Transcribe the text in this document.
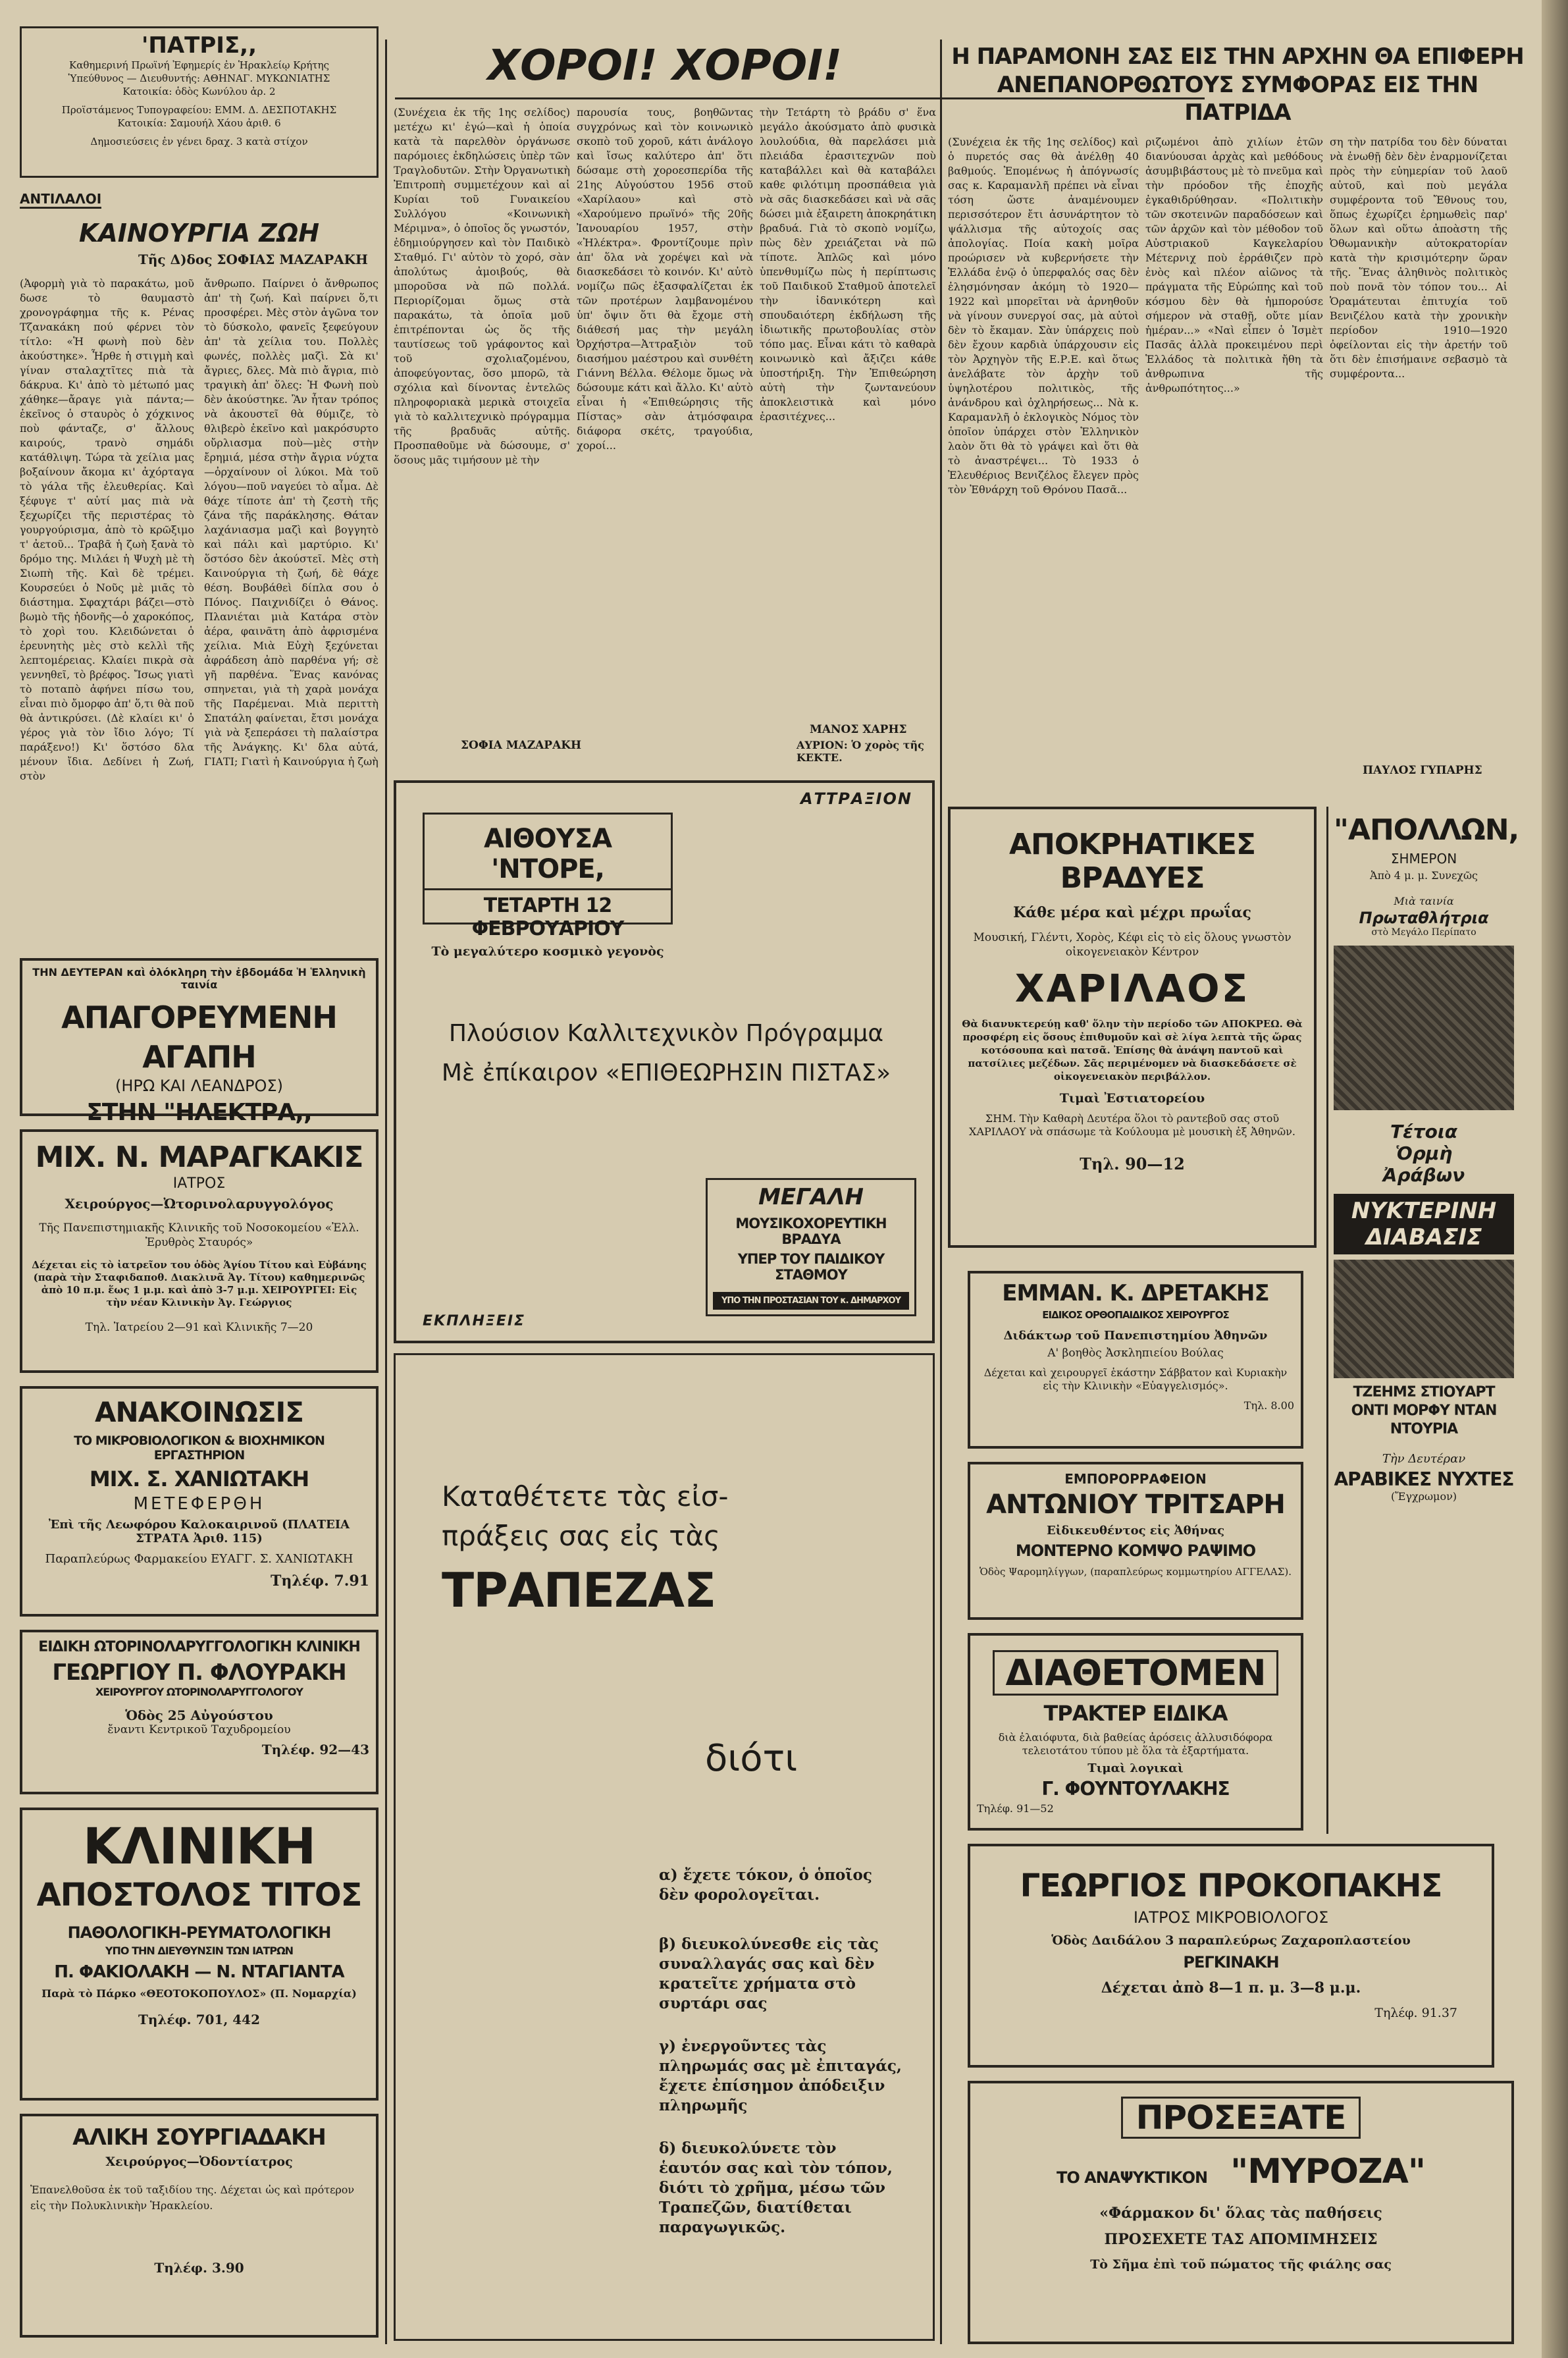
'ΠΑΤΡΙΣ,,
Καθημερινή Πρωϊνή Ἐφημερίς ἐν Ἡρακλείῳ Κρήτης
Ὑπεύθυνος — Διευθυντής: ΑΘΗΝΑΓ. ΜΥΚΩΝΙΑΤΗΣ
Κατοικία: ὁδὸς Κωνύλου ἀρ. 2
Προϊστάμενος Τυπογραφείου: ΕΜΜ. Δ. ΔΕΣΠΟΤΑΚΗΣ
Κατοικία: Σαμουήλ Χάου ἀριθ. 6
Δημοσιεύσεις ἐν γένει δραχ. 3 κατὰ στίχον
ΑΝΤΙΛΑΛΟΙ
ΚΑΙΝΟΥΡΓΙΑ ΖΩΗ
Τῆς Δ)δος ΣΟΦΙΑΣ ΜΑΖΑΡΑΚΗ
(Ἀφορμὴ γιὰ τὸ παρακάτω, μοῦ δωσε τὸ θαυμαστὸ χρονογράφημα τῆς κ. Ρένας Τζανακάκη πού φέρνει τὸν τίτλο: «Ἡ φωνὴ ποὺ δὲν ἀκούστηκε». Ἦρθε ἡ στιγμὴ καὶ γίναν σταλαχτῖτες πιὰ τὰ δάκρυα. Κι' ἀπὸ τὸ μέτωπό μας χάθηκε—ἄραγε γιὰ πάντα;—ἐκεῖνος ὁ σταυρὸς ὁ χόχκινος ποὺ φάνταζε, σ' ἄλλους καιρούς, τρανὸ σημάδι κατάθλιψη. Τώρα τὰ χείλια μας βοξαίνουν ἄκομα κι' ἀχόρταγα τὸ γάλα τῆς ἐλευθερίας. Καὶ ξέφυγε τ' αὐτί μας πιὰ νὰ ξεχωρίζει τῆς περιστέρας τὸ γουργούρισμα, ἀπὸ τὸ κρῶξιμο τ' ἀετοῦ... Τραβᾶ ἡ ζωὴ ξανὰ τὸ δρόμο της. Μιλάει ἡ Ψυχὴ μὲ τὴ Σιωπὴ τῆς. Καὶ δὲ τρέμει. Κουρσεύει ὁ Νοῦς μὲ μιᾶς τὸ διάστημα. Σφαχτάρι βάζει—στὸ βωμὸ τῆς ἡδονῆς—ὁ χαροκόπος, τὸ χορὶ του. Κλειδώνεται ὁ ἐρευνητὴς μὲς στὸ κελλὶ τῆς λεπτομέρειας. Κλαίει πικρὰ σὰ γεννηθεῖ, τὸ βρέφος. Ἴσως γιατὶ τὸ ποταπὸ ἀφήνει πίσω του, εἶναι πιὸ ὄμορφο ἀπ' ὅ,τι θὰ ποῦ θὰ ἀντικρύσει. (Δὲ κλαίει κι' ὁ γέρος γιὰ τὸν ἴδιο λόγο; Τί παράξενο!) Κι' ὅστόσο δλα μένουν ἴδια. Δεδίνει ἡ Ζωή, στὸν
ἄνθρωπο. Παίρνει ὁ ἄνθρωπος ἀπ' τὴ ζωή. Καὶ παίρνει ὅ,τι προσφέρει. Μὲς στὸν ἀγῶνα τον τὸ δύσκολο, φανεῖς ξεφεύγουν ἀπ' τὰ χείλια του. Πολλὲς φωνές, πολλὲς μαζὶ. Σὰ κι' ἄγριες, δλες. Μὰ πιὸ ἄγρια, πιὸ τραγικὴ ἀπ' ὅλες: Ἡ Φωνὴ ποὺ δὲν ἀκούστηκε. Ἂν ἦταν τρόπος νὰ ἀκουστεῖ θὰ θύμιζε, τὸ θλιβερὸ ἐκεῖνο καὶ μακρόσυρτο οὔρλιασμα ποὺ—μὲς στὴν ἔρημιά, μέσα στὴν ἄγρια νύχτα—ὀρχαίνουν οἱ λύκοι. Μὰ τοῦ λόγου—ποῦ ναγεύει τὸ αἷμα. Δὲ θάχε τίποτε ἀπ' τὴ ζεστὴ τῆς ζάνα τῆς παράκλησης. Θάταν λαχάνιασμα μαζὶ καὶ βογγητὸ καὶ πάλι καὶ μαρτύριο. Κι' ὅστόσο δὲν ἀκούστεῖ. Μὲς στὴ Καινούργια τὴ ζωή, δὲ θάχε θέση. Βουβάθεὶ δίπλα σου ὁ Πόνος. Παιχνιδίζει ὁ Θάνος. Πλανιέται μιὰ Κατάρα στὸν ἀέρα, φαινᾶτη ἀπὸ ἀφρισμένα χείλια. Μιὰ Εὐχὴ ξεχύνεται ἀφράδεση ἀπὸ παρθένα γή; σὲ γῆ παρθένα. Ἕνας κανόνας σπηνεται, γιὰ τὴ χαρὰ μονάχα τῆς Παρέμεναι. Μιὰ περιττὴ Σπατάλη φαίνεται, ἔτσι μονάχα γιὰ νὰ ξεπεράσει τὴ παλαίστρα τῆς Ἀνάγκης. Κι' δλα αὐτά, ΓΙΑΤΙ; Γιατὶ ἡ Καινούργια ἡ ζωὴ
ΤΗΝ ΔΕΥΤΕΡΑΝ καὶ ὁλόκληρη τὴν ἑβδομάδα Ἡ Ἑλληνικὴ ταινία
ΑΠΑΓΟΡΕΥΜΕΝΗ ΑΓΑΠΗ
(ΗΡΩ ΚΑΙ ΛΕΑΝΔΡΟΣ)
ΣΤΗΝ "ΗΛΕΚΤΡΑ,,
ΜΙΧ. Ν. ΜΑΡΑΓΚΑΚΙΣ
ΙΑΤΡΟΣ
Χειρούργος—Ὠτορινολαρυγγολόγος
Τῆς Πανεπιστημιακῆς Κλινικῆς τοῦ Νοσοκομείου «Ἐλλ. Ἐρυθρὸς Σταυρός»
Δέχεται εἰς τὸ ἰατρεῖον του ὁδὸς Ἁγίου Τίτου καὶ Εὐβάνης (παρὰ τὴν Σταφιδαποθ. Διακλινᾶ Ἀγ. Τίτου) καθημερινῶς ἀπὸ 10 π.μ. ἕως 1 μ.μ. καὶ ἀπὸ 3-7 μ.μ. ΧΕΙΡΟΥΡΓΕΙ: Εἰς τὴν νέαν Κλινικὴν Ἀγ. Γεώργιος
Τηλ. Ἰατρείου 2—91 καὶ Κλινικῆς 7—20
ΑΝΑΚΟΙΝΩΣΙΣ
ΤΟ ΜΙΚΡΟΒΙΟΛΟΓΙΚΟΝ & ΒΙΟΧΗΜΙΚΟΝ ΕΡΓΑΣΤΗΡΙΟΝ
ΜΙΧ. Σ. ΧΑΝΙΩΤΑΚΗ
ΜΕΤΕΦΕΡΘΗ
Ἐπὶ τῆς Λεωφόρου Καλοκαιρινοῦ (ΠΛΑΤΕΙΑ ΣΤΡΑΤΑ Ἀριθ. 115)
Παραπλεύρως Φαρμακείου ΕΥΑΓΓ. Σ. ΧΑΝΙΩΤΑΚΗ
Τηλέφ. 7.91
ΕΙΔΙΚΗ ΩΤΟΡΙΝΟΛΑΡΥΓΓΟΛΟΓΙΚΗ ΚΛΙΝΙΚΗ
ΓΕΩΡΓΙΟΥ Π. ΦΛΟΥΡΑΚΗ
ΧΕΙΡΟΥΡΓΟΥ ΩΤΟΡΙΝΟΛΑΡΥΓΓΟΛΟΓΟΥ
Ὁδὸς 25 Αὐγούστου
ἔναντι Κεντρικοῦ Ταχυδρομείου
Τηλέφ. 92—43
ΚΛΙΝΙΚΗ
ΑΠΟΣΤΟΛΟΣ ΤΙΤΟΣ
ΠΑΘΟΛΟΓΙΚΗ-ΡΕΥΜΑΤΟΛΟΓΙΚΗ
ΥΠΟ ΤΗΝ ΔΙΕΥΘΥΝΣΙΝ ΤΩΝ ΙΑΤΡΩΝ
Π. ΦΑΚΙΟΛΑΚΗ — Ν. ΝΤΑΓΙΑΝΤΑ
Παρὰ τὸ Πάρκο «ΘΕΟΤΟΚΟΠΟΥΛΟΣ» (Π. Νομαρχία)
Τηλέφ. 701, 442
ΑΛΙΚΗ ΣΟΥΡΓΙΑΔΑΚΗ
Χειρούργος—Ὀδοντίατρος
Ἐπανελθοῦσα ἐκ τοῦ ταξιδίου της. Δέχεται ὡς καὶ πρότερον εἰς τὴν Πολυκλινικὴν Ἡρακλείου.
Τηλέφ. 3.90
ΧΟΡΟΙ! ΧΟΡΟΙ!
(Συνέχεια ἐκ τῆς 1ης σελίδος) μετέχω κι' ἐγώ—καὶ ἡ ὁποία κατὰ τὰ παρελθὸν ὀργάνωσε παρόμοιες ἐκδηλώσεις ὑπὲρ τῶν Τραγλοδυτῶν. Στὴν Ὀργανωτικὴ Ἐπιτροπὴ συμμετέχουν καὶ αἱ Κυρίαι τοῦ Γυναικείου Συλλόγου «Κοινωνικὴ Μέριμνα», ὁ ὁποῖος ὅς γνωστόν, ἐδημιούργησεν καὶ τὸν Παιδικὸ Σταθμό. Γι' αὐτὸν τὸ χορό, σὰν ἀπολύτως ἀμοιβούς, θὰ μποροῦσα νὰ πῶ πολλά. Περιορίζομαι ὅμως στὰ παρακάτω, τὰ ὁποῖα μοῦ ἐπιτρέπονται ὡς ὅς τῆς ταυτίσεως τοῦ γράφοντος καὶ τοῦ σχολιαζομένου, ἀποφεύγοντας, ὅσο μπορῶ, τὰ σχόλια καὶ δίνοντας ἐντελῶς πληροφοριακὰ μερικὰ στοιχεῖα γιὰ τὸ καλλιτεχνικὸ πρόγραμμα τῆς βραδυᾶς αὐτῆς. Προσπαθοῦμε νὰ δώσουμε, σ' ὅσους μᾶς τιμήσουν μὲ τὴν
παρουσία τους, βοηθῶντας συγχρόνως καὶ τὸν κοινωνικὸ σκοπὸ τοῦ χοροῦ, κάτι ἀνάλογο καὶ ἴσως καλύτερο ἀπ' ὅτι δώσαμε στὴ χοροεσπερίδα τῆς 21ης Αὐγούστου 1956 στοῦ «Χαρίλαου» καὶ στὸ «Χαρούμενο πρωϊνό» τῆς 20ῆς Ἰανουαρίου 1957, στὴν «Ἠλέκτρα». Φροντίζουμε πρὶν ἀπ' ὅλα νὰ χορέψει καὶ νὰ διασκεδάσει τὸ κοινόν. Κι' αὐτὸ νομίζω πῶς ἐξασφαλίζεται ἐκ τῶν προτέρων λαμβανομένου ὑπ' ὄψιν ὅτι θὰ ἔχομε στὴ διάθεσή μας τὴν μεγάλη Ὀρχήστρα—Ἀττραξιὸν τοῦ διασήμου μαέστρου καὶ συνθέτη Γιάννη Βέλλα. Θέλομε ὅμως νὰ δώσουμε κάτι καὶ ἄλλο. Κι' αὐτὸ εἶναι ἡ «Ἐπιθεώρησις τῆς Πίστας» σὰν ἀτμόσφαιρα διάφορα σκέτς, τραγούδια, χοροί...
τὴν Τετάρτη τὸ βράδυ σ' ἕνα μεγάλο ἀκούσματο ἀπὸ φυσικὰ λουλούδια, θὰ παρελάσει μιὰ πλειάδα ἐρασιτεχνῶν ποὺ καταβάλλει καὶ θὰ καταβάλει καθε φιλότιμη προσπάθεια γιὰ νὰ σᾶς διασκεδάσει καὶ νὰ σᾶς δώσει μιὰ ἐξαιρετη ἀποκρηάτικη βραδυά. Γιὰ τὸ σκοπὸ νομίζω, πὼς δὲν χρειάζεται νὰ πῶ τίποτε. Ἁπλῶς καὶ μόνο ὑπενθυμίζω πὼς ἡ περίπτωσις τοῦ Παιδικοῦ Σταθμοῦ ἀποτελεῖ τὴν ἰδανικότερη καὶ σπουδαιότερη ἐκδήλωση τῆς ἰδιωτικῆς πρωτοβουλίας στὸν τόπο μας. Εἶναι κάτι τὸ καθαρὰ κοινωνικὸ καὶ ἄξιζει κάθε ὑποστήριξη. Τὴν Ἐπιθεώρηση αὐτὴ τὴν ζωντανεύουν ἀποκλειστικὰ καὶ μόνο ἐρασιτέχνες...
ΣΟΦΙΑ ΜΑΖΑΡΑΚΗ
ΜΑΝΟΣ ΧΑΡΗΣ
ΑΥΡΙΟΝ: Ὁ χορὸς τῆς ΚΕΚΤΕ.
ΑΤΤΡΑΞΙΟΝ
ΑΙΘΟΥΣΑ 'ΝΤΟΡΕ,
ΤΕΤΑΡΤΗ 12 ΦΕΒΡΟΥΑΡΙΟΥ
Τὸ μεγαλύτερο κοσμικὸ γεγονὸς
Πλούσιον Καλλιτεχνικὸν Πρόγραμμα
Μὲ ἐπίκαιρον «ΕΠΙΘΕΩΡΗΣΙΝ ΠΙΣΤΑΣ»
ΜΕΓΑΛΗ
ΜΟΥΣΙΚΟΧΟΡΕΥΤΙΚΗ ΒΡΑΔΥΑ
ΥΠΕΡ ΤΟΥ ΠΑΙΔΙΚΟΥ ΣΤΑΘΜΟΥ
ΥΠΟ ΤΗΝ ΠΡΟΣΤΑΣΙΑΝ ΤΟΥ κ. ΔΗΜΑΡΧΟΥ
ΕΚΠΛΗΞΕΙΣ
Καταθέτετε τὰς εἰσ-
πράξεις σας εἰς τὰς
ΤΡΑΠΕΖΑΣ
διότι
α) ἔχετε τόκον, ὁ ὁποῖος δὲν φορολογεῖται.
β) διευκολύνεσθε εἰς τὰς συναλλαγάς σας καὶ δὲν κρατεῖτε χρήματα στὸ συρτάρι σας
γ) ἐνεργοῦντες τὰς πληρωμάς σας μὲ ἐπιταγάς, ἔχετε ἐπίσημον ἀπόδειξιν πληρωμῆς
δ) διευκολύνετε τὸν ἑαυτόν σας καὶ τὸν τόπον, διότι τὸ χρῆμα, μέσω τῶν Τραπεζῶν, διατίθεται παραγωγικῶς.
Η ΠΑΡΑΜΟΝΗ ΣΑΣ ΕΙΣ ΤΗΝ ΑΡΧΗΝ ΘΑ ΕΠΙΦΕΡΗ
ΑΝΕΠΑΝΟΡΘΩΤΟΥΣ ΣΥΜΦΟΡΑΣ ΕΙΣ ΤΗΝ ΠΑΤΡΙΔΑ
(Συνέχεια ἐκ τῆς 1ης σελίδος) καὶ ὁ πυρετός σας θὰ ἀνέλθῃ 40 βαθμούς. Ἐπομένως ἡ ἀπόγνωσίς σας κ. Καραμανλῆ πρέπει νὰ εἶναι τόση ὥστε ἀναμένουμεν περισσότερον ἔτι ἀσυνάρτητον τὸ ψάλλισμα τῆς αὐτοχοίς σας ἀπολογίας. Ποία κακὴ μοῖρα προώρισεν νὰ κυβερνήσετε τὴν Ἑλλάδα ἐνῷ ὁ ὑπερφαλός σας δὲν ἐλησμόνησαν ἀκόμη τὸ 1920—1922 καὶ μπορεῖται νὰ ἀρνηθοῦν νὰ γίνουν συνεργοί σας, μὰ αὐτοὶ δὲν τὸ ἔκαμαν. Σὰν ὑπάρχεις ποὺ δὲν ἔχουν καρδιὰ ὑπάρχουσιν εἰς τὸν Ἀρχηγὸν τῆς Ε.Ρ.Ε. καὶ ὅτως ἀνελάβατε τὸν ἀρχὴν τοῦ ὑψηλοτέρου πολιτικὸς, τῆς ἀνάνδρου καὶ ὀχληρήσεως... Νὰ κ. Καραμανλῆ ὁ ἐκλογικὸς Νόμος τὸν ὁποῖον ὑπάρχει στὸν Ἑλληνικὸν λαὸν ὅτι θὰ τὸ γράψει καὶ ὅτι θὰ τὸ ἀναστρέψει... Τὸ 1933 ὁ Ἐλευθέριος Βενιζέλος ἔλεγεν πρὸς τὸν Ἐθνάρχη τοῦ Θρόνου Πασᾶ...
ριζωμένοι ἀπὸ χιλίων ἐτῶν διανύουσαι ἀρχὰς καὶ μεθόδους ἀσυμβιβάστους μὲ τὸ πνεῦμα καὶ τὴν πρόοδον τῆς ἐποχῆς ἐγκαθιδρύθησαν. «Πολιτικὴν τῶν σκοτεινῶν παραδόσεων καὶ τῶν ἀρχῶν καὶ τὸν μέθοδον τοῦ Αὐστριακοῦ Καγκελαρίου Μέτερνιχ ποὺ ἐρράθιζεν πρὸ ἑνὸς καὶ πλέον αἰῶνος τὰ πράγματα τῆς Εὐρώπης καὶ τοῦ κόσμου δὲν θὰ ἠμπορούσε σήμερον νὰ σταθῇ, οὔτε μίαν ἡμέραν...» «Ναὶ εἶπεν ὁ Ἰσμὲτ Πασᾶς ἀλλὰ προκειμένου περὶ Ἑλλάδος τὰ πολιτικὰ ἤθη τὰ ἀνθρωπινα τῆς ἀνθρωπότητος...»
ση τὴν πατρίδα του δὲν δύναται νὰ ἐνωθῇ δὲν δὲν ἐναρμονίζεται πρὸς τὴν εὐημερίαν τοῦ λαοῦ αὐτοῦ, καὶ ποὺ μεγάλα συμφέροντα τοῦ Ἔθνους του, ὅπως ἐχωρίζει ἐρημωθεὶς παρ' ὅλων καὶ οὕτω ἀποὰστη τῆς Ὀθωμανικὴν αὐτοκρατορίαν κατὰ τὴν κρισιμότερην ὥραν τῆς. Ἕνας ἀληθινὸς πολιτικὸς ποὺ πονᾶ τὸν τόπον του... Αἱ Ὁραμάτευται ἐπιτυχία τοῦ Βενιζέλου κατὰ τὴν χρονικὴν περίοδον 1910—1920 ὀφείλονται εἰς τὴν ἀρετήν τοῦ ὅτι δὲν ἐπισήμαινε σεβασμὸ τὰ συμφέροντα...
ΠΑΥΛΟΣ ΓΥΠΑΡΗΣ
ΑΠΟΚΡΗΑΤΙΚΕΣ ΒΡΑΔΥΕΣ
Κάθε μέρα καὶ μέχρι πρωΐας
Μουσική, Γλέντι, Χορὸς, Κέφι εἰς τὸ εἰς ὅλους γνωστὸν οἰκογενειακὸν Κέντρον
ΧΑΡΙΛΑΟΣ
Θὰ διανυκτερεύῃ καθ' ὅλην τὴν περίοδο τῶν ΑΠΟΚΡΕΩ. Θὰ προσφέρη εἰς ὅσους ἐπιθυμοῦν καὶ σὲ λίγα λεπτὰ τῆς ὥρας κοτόσουπα καὶ πατσᾶ. Ἐπίσης θὰ ἀνάψη παντοῦ καὶ πατσίλιες μεζέδων. Σᾶς περιμένομεν νὰ διασκεδάσετε σὲ οἰκογενειακὸν περιβάλλον.
Τιμαὶ Ἐστιατορείου
ΣΗΜ. Τὴν Καθαρὴ Δευτέρα ὅλοι τὸ ραντεβοῦ σας στοῦ ΧΑΡΙΛΑΟΥ νὰ σπάσωμε τὰ Κούλουμα μὲ μουσικὴ ἐξ Ἀθηνῶν.
Τηλ. 90—12
ΕΜΜΑΝ. Κ. ΔΡΕΤΑΚΗΣ
ΕΙΔΙΚΟΣ ΟΡΘΟΠΑΙΔΙΚΟΣ ΧΕΙΡΟΥΡΓΟΣ
Διδάκτωρ τοῦ Πανεπιστημίου Ἀθηνῶν
Α' βοηθὸς Ἀσκληπιείου Βούλας
Δέχεται καὶ χειρουργεῖ ἑκάστην Σάββατον καὶ Κυριακὴν εἰς τὴν Κλινικὴν «Εὐαγγελισμός».
Τηλ. 8.00
ΕΜΠΟΡΟΡΡΑΦΕΙΟΝ
ΑΝΤΩΝΙΟΥ ΤΡΙΤΣΑΡΗ
Εἰδικευθέντος εἰς Ἀθήνας
ΜΟΝΤΕΡΝΟ ΚΟΜΨΟ ΡΑΨΙΜΟ
Ὁδὸς Ψαρομηλίγγων, (παραπλεύρως κομμωτηρίου ΑΓΓΕΛΑΣ).
ΔΙΑΘΕΤΟΜΕΝ
ΤΡΑΚΤΕΡ ΕΙΔΙΚΑ
διὰ ἐλαιόφυτα, διὰ βαθείας ἀρόσεις ἀλλυσιδόφορα τελειοτάτου τύπου μὲ ὅλα τὰ ἐξαρτήματα.
Τιμαὶ λογικαὶ
Γ. ΦΟΥΝΤΟΥΛΑΚΗΣ
Τηλέφ. 91—52
ΓΕΩΡΓΙΟΣ ΠΡΟΚΟΠΑΚΗΣ
ΙΑΤΡΟΣ ΜΙΚΡΟΒΙΟΛΟΓΟΣ
Ὁδὸς Δαιδάλου 3 παραπλεύρως Ζαχαροπλαστείου
ΡΕΓΚΙΝΑΚΗ
Δέχεται ἀπὸ 8—1 π. μ. 3—8 μ.μ.
Τηλέφ. 91.37
ΠΡΟΣΕΞΑΤΕ
ΤΟ ΑΝΑΨΥΚΤΙΚΟΝ "ΜΥΡΟΖΑ"
«Φάρμακον δι' ὅλας τὰς παθήσεις
ΠΡΟΣΕΧΕΤΕ ΤΑΣ ΑΠΟΜΙΜΗΣΕΙΣ
Τὸ Σῆμα ἐπὶ τοῦ πώματος τῆς φιάλης σας
"ΑΠΟΛΛΩΝ,
ΣΗΜΕΡΟΝ
Ἀπὸ 4 μ. μ. Συνεχῶς
Μιὰ ταινία
Πρωταθλήτρια
στὸ Μεγάλο Περίπατο
Τέτοια
Ὁρμὴ
Ἀράβων
ΝΥΚΤΕΡΙΝΗ ΔΙΑΒΑΣΙΣ
ΤΖΕΗΜΣ ΣΤΙΟΥΑΡΤ ΟΝΤΙ ΜΟΡΦΥ ΝΤΑΝ ΝΤΟΥΡΙΑ
Τὴν Δευτέραν
ΑΡΑΒΙΚΕΣ ΝΥΧΤΕΣ
(Ἔγχρωμον)
